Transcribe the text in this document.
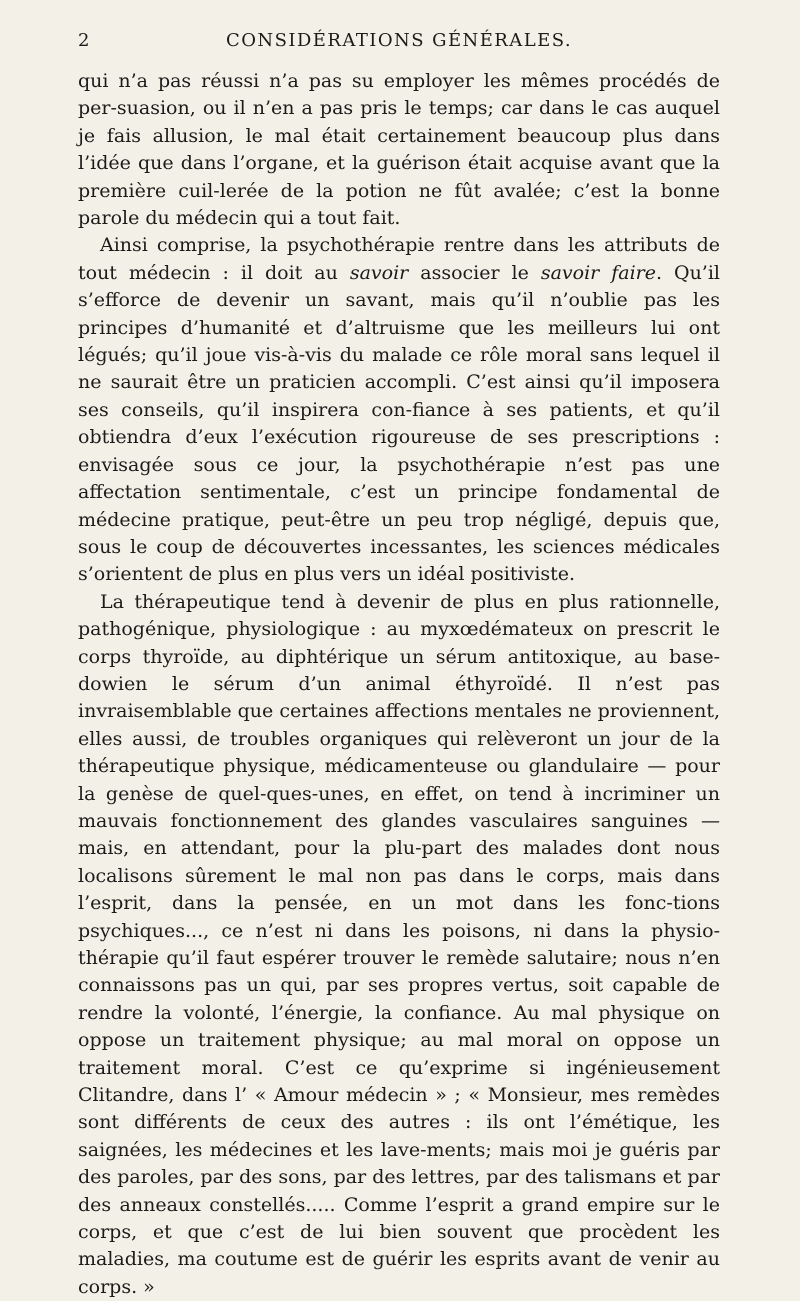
2	CONSIDÉRATIONS GÉNÉRALES.

qui n’a pas réussi n’a pas su employer les mêmes procédés de per-suasion, ou il n’en a pas pris le temps; car dans le cas auquel je fais allusion, le mal était certainement beaucoup plus dans l’idée que dans l’organe, et la guérison était acquise avant que la première cuil-lerée de la potion ne fût avalée; c’est la bonne parole du médecin qui a tout fait.

Ainsi comprise, la psychothérapie rentre dans les attributs de tout médecin : il doit au savoir associer le savoir faire. Qu’il s’efforce de devenir un savant, mais qu’il n’oublie pas les principes d’humanité et d’altruisme que les meilleurs lui ont légués; qu’il joue vis-à-vis du malade ce rôle moral sans lequel il ne saurait être un praticien accompli. C’est ainsi qu’il imposera ses conseils, qu’il inspirera con-fiance à ses patients, et qu’il obtiendra d’eux l’exécution rigoureuse de ses prescriptions : envisagée sous ce jour, la psychothérapie n’est pas une affectation sentimentale, c’est un principe fondamental de médecine pratique, peut-être un peu trop négligé, depuis que, sous le coup de découvertes incessantes, les sciences médicales s’orientent de plus en plus vers un idéal positiviste.

La thérapeutique tend à devenir de plus en plus rationnelle, pathogénique, physiologique : au myxœdémateux on prescrit le corps thyroïde, au diphtérique un sérum antitoxique, au base-dowien le sérum d’un animal éthyroïdé. Il n’est pas invraisemblable que certaines affections mentales ne proviennent, elles aussi, de troubles organiques qui relèveront un jour de la thérapeutique physique, médicamenteuse ou glandulaire — pour la genèse de quel-ques-unes, en effet, on tend à incriminer un mauvais fonctionnement des glandes vasculaires sanguines — mais, en attendant, pour la plu-part des malades dont nous localisons sûrement le mal non pas dans le corps, mais dans l’esprit, dans la pensée, en un mot dans les fonc-tions psychiques..., ce n’est ni dans les poisons, ni dans la physio-thérapie qu’il faut espérer trouver le remède salutaire; nous n’en connaissons pas un qui, par ses propres vertus, soit capable de rendre la volonté, l’énergie, la confiance. Au mal physique on oppose un traitement physique; au mal moral on oppose un traitement moral. C’est ce qu’exprime si ingénieusement Clitandre, dans l’ « Amour médecin » ; « Monsieur, mes remèdes sont différents de ceux des autres : ils ont l’émétique, les saignées, les médecines et les lave-ments; mais moi je guéris par des paroles, par des sons, par des lettres, par des talismans et par des anneaux constellés..... Comme l’esprit a grand empire sur le corps, et que c’est de lui bien souvent que procèdent les maladies, ma coutume est de guérir les esprits avant de venir au corps. »
